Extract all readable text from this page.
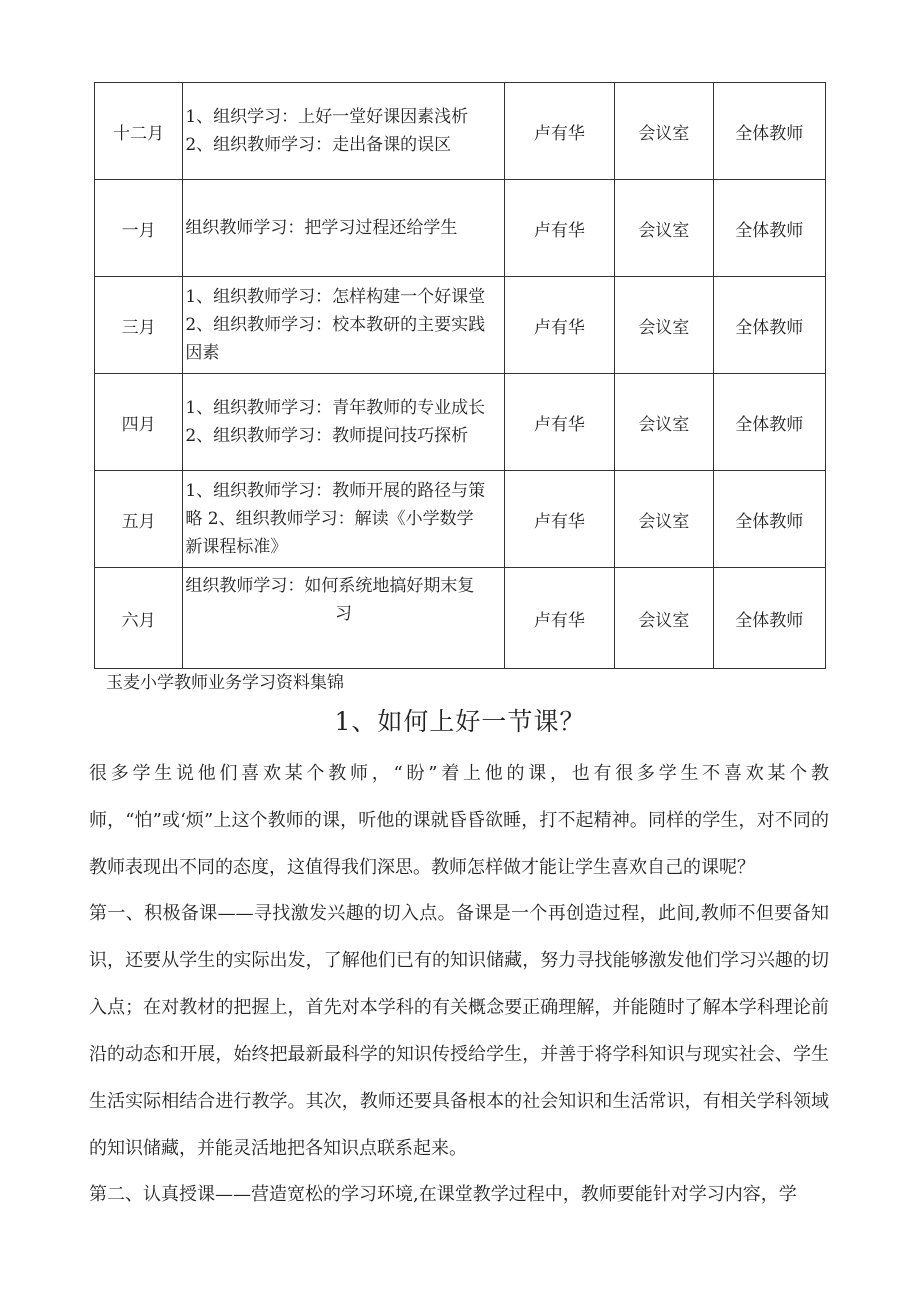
十二月	1、组织学习：上好一堂好课因素浅析
2、组织教师学习：走出备课的误区	卢有华	会议室	全体教师
一月	组织教师学习：把学习过程还给学生	卢有华	会议室	全体教师
三月	1、组织教师学习：怎样构建一个好课堂
2、组织教师学习：校本教研的主要实践
因素	卢有华	会议室	全体教师
四月	1、组织教师学习：青年教师的专业成长
2、组织教师学习：教师提问技巧探析	卢有华	会议室	全体教师
五月	1、组织教师学习：教师开展的路径与策
略 2、组织教师学习：解读《小学数学
新课程标准》	卢有华	会议室	全体教师
六月	组织教师学习：如何系统地搞好期末复
习	卢有华	会议室	全体教师
玉麦小学教师业务学习资料集锦
1、如何上好一节课？

很多学生说他们喜欢某个教师，“盼”着上他的课，也有很多学生不喜欢某个教师，“怕”或‘烦”上这个教师的课，听他的课就昏昏欲睡，打不起精神。同样的学生，对不同的教师表现出不同的态度，这值得我们深思。教师怎样做才能让学生喜欢自己的课呢？

第一、积极备课——寻找激发兴趣的切入点。备课是一个再创造过程，此间,教师不但要备知识，还要从学生的实际出发，了解他们已有的知识储藏，努力寻找能够激发他们学习兴趣的切入点；在对教材的把握上，首先对本学科的有关概念要正确理解，并能随时了解本学科理论前沿的动态和开展，始终把最新最科学的知识传授给学生，并善于将学科知识与现实社会、学生生活实际相结合进行教学。其次，教师还要具备根本的社会知识和生活常识，有相关学科领域的知识储藏，并能灵活地把各知识点联系起来。

第二、认真授课——营造宽松的学习环境,在课堂教学过程中，教师要能针对学习内容，学
